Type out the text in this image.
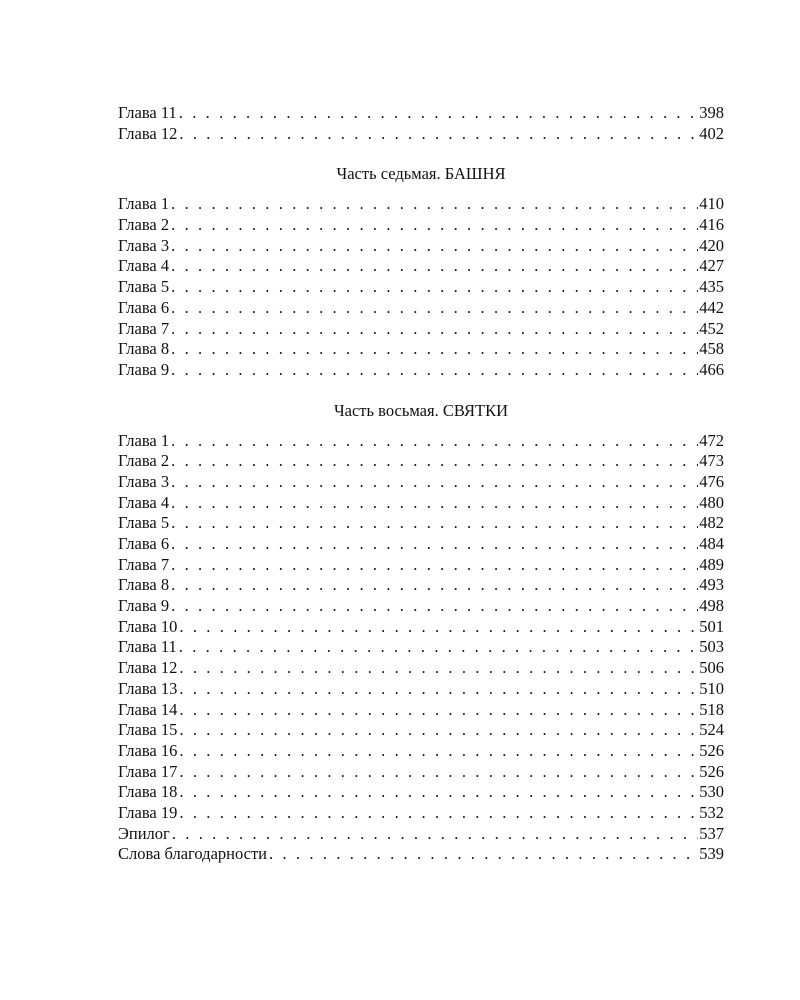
Глава 11 . . .	398
Глава 12 . . .	402
Часть седьмая. БАШНЯ
Глава 1 . . .	410
Глава 2 . . .	416
Глава 3 . . .	420
Глава 4 . . .	427
Глава 5 . . .	435
Глава 6 . . .	442
Глава 7 . . .	452
Глава 8 . . .	458
Глава 9 . . .	466
Часть восьмая. СВЯТКИ
Глава 1 . . .	472
Глава 2 . . .	473
Глава 3 . . .	476
Глава 4 . . .	480
Глава 5 . . .	482
Глава 6 . . .	484
Глава 7 . . .	489
Глава 8 . . .	493
Глава 9 . . .	498
Глава 10 . . .	501
Глава 11 . . .	503
Глава 12 . . .	506
Глава 13 . . .	510
Глава 14 . . .	518
Глава 15 . . .	524
Глава 16 . . .	526
Глава 17 . . .	526
Глава 18 . . .	530
Глава 19 . . .	532
Эпилог . . .	537
Слова благодарности . . .	539
